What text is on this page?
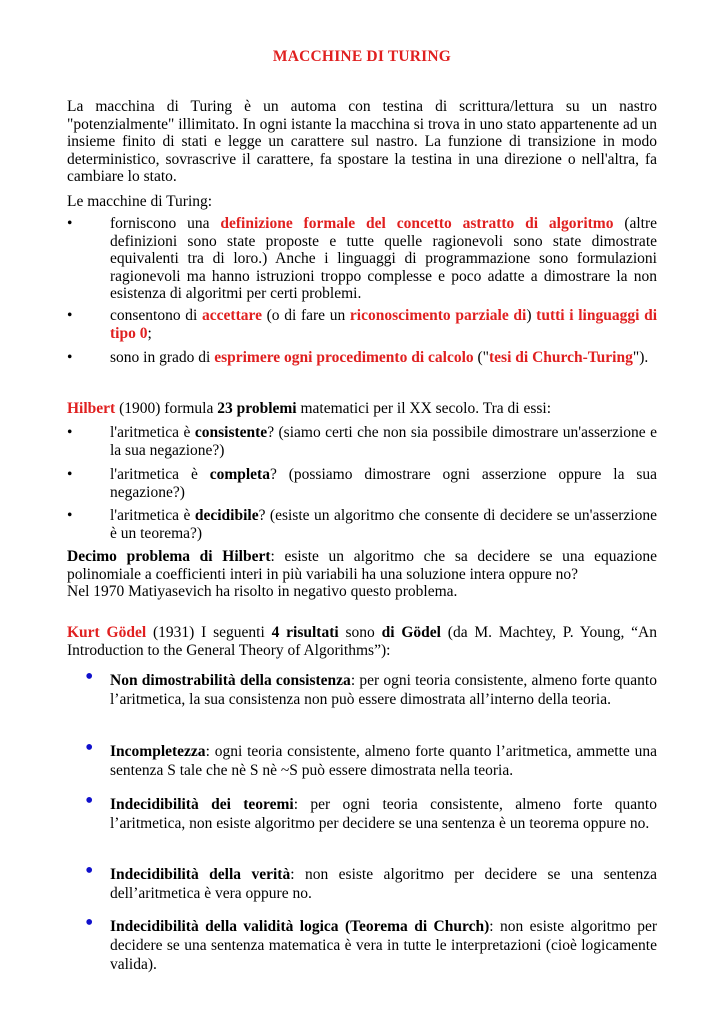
MACCHINE DI TURING

La macchina di Turing è un automa con testina di scrittura/lettura su un nastro "potenzialmente" illimitato. In ogni istante la macchina si trova in uno stato appartenente ad un insieme finito di stati e legge un carattere sul nastro. La funzione di transizione in modo deterministico, sovrascrive il carattere, fa spostare la testina in una direzione o nell'altra, fa cambiare lo stato.

Le macchine di Turing:

• forniscono una definizione formale del concetto astratto di algoritmo (altre definizioni sono state proposte e tutte quelle ragionevoli sono state dimostrate equivalenti tra di loro.) Anche i linguaggi di programmazione sono formulazioni ragionevoli ma hanno istruzioni troppo complesse e poco adatte a dimostrare la non esistenza di algoritmi per certi problemi.

• consentono di accettare (o di fare un riconoscimento parziale di) tutti i linguaggi di tipo 0;

• sono in grado di esprimere ogni procedimento di calcolo ("tesi di Church-Turing").

Hilbert (1900) formula 23 problemi matematici per il XX secolo. Tra di essi:

• l'aritmetica è consistente? (siamo certi che non sia possibile dimostrare un'asserzione e la sua negazione?)

• l'aritmetica è completa? (possiamo dimostrare ogni asserzione oppure la sua negazione?)

• l'aritmetica è decidibile? (esiste un algoritmo che consente di decidere se un'asserzione è un teorema?)

Decimo problema di Hilbert: esiste un algoritmo che sa decidere se una equazione polinomiale a coefficienti interi in più variabili ha una soluzione intera oppure no?

Nel 1970 Matiyasevich ha risolto in negativo questo problema.

Kurt Gödel (1931) I seguenti 4 risultati sono di Gödel (da M. Machtey, P. Young, “An Introduction to the General Theory of Algorithms”):

• Non dimostrabilità della consistenza: per ogni teoria consistente, almeno forte quanto l’aritmetica, la sua consistenza non può essere dimostrata all’interno della teoria.

• Incompletezza: ogni teoria consistente, almeno forte quanto l’aritmetica, ammette una sentenza S tale che nè S nè ~S può essere dimostrata nella teoria.

• Indecidibilità dei teoremi: per ogni teoria consistente, almeno forte quanto l’aritmetica, non esiste algoritmo per decidere se una sentenza è un teorema oppure no.

• Indecidibilità della verità: non esiste algoritmo per decidere se una sentenza dell’aritmetica è vera oppure no.

• Indecidibilità della validità logica (Teorema di Church): non esiste algoritmo per decidere se una sentenza matematica è vera in tutte le interpretazioni (cioè logicamente valida).
